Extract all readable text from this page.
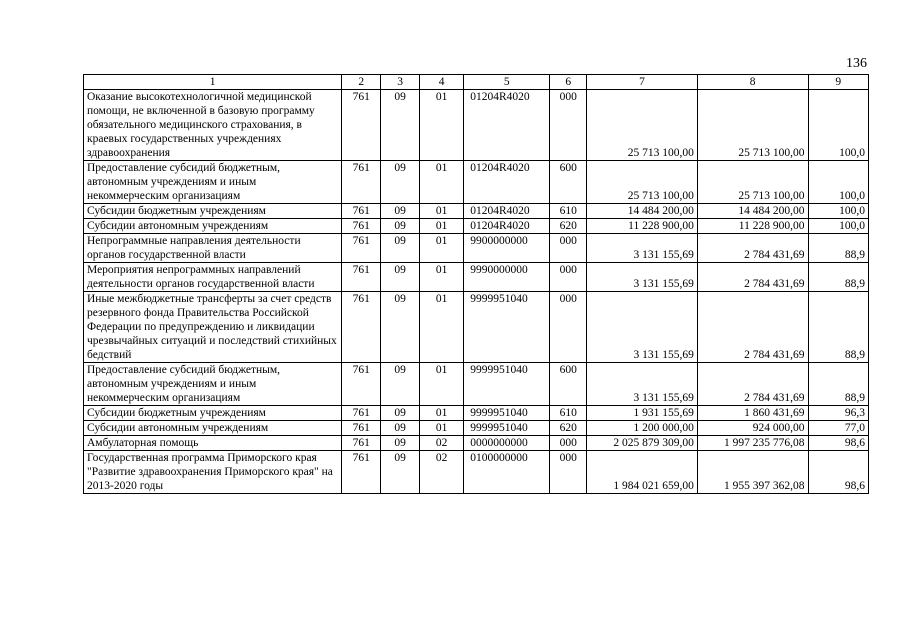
136
1	2	3	4	5	6	7	8	9
Оказание высокотехнологичной медицинской помощи, не включенной в базовую программу обязательного медицинского страхования, в краевых государственных учреждениях здравоохранения	761	09	01	01204R4020	000	25 713 100,00	25 713 100,00	100,0
Предоставление субсидий бюджетным, автономным учреждениям и иным некоммерческим организациям	761	09	01	01204R4020	600	25 713 100,00	25 713 100,00	100,0
Субсидии бюджетным учреждениям	761	09	01	01204R4020	610	14 484 200,00	14 484 200,00	100,0
Субсидии автономным учреждениям	761	09	01	01204R4020	620	11 228 900,00	11 228 900,00	100,0
Непрограммные направления деятельности органов государственной власти	761	09	01	9900000000	000	3 131 155,69	2 784 431,69	88,9
Мероприятия непрограммных направлений деятельности органов государственной власти	761	09	01	9990000000	000	3 131 155,69	2 784 431,69	88,9
Иные межбюджетные трансферты за счет средств резервного фонда Правительства Российской Федерации по предупреждению и ликвидации чрезвычайных ситуаций и последствий стихийных бедствий	761	09	01	9999951040	000	3 131 155,69	2 784 431,69	88,9
Предоставление субсидий бюджетным, автономным учреждениям и иным некоммерческим организациям	761	09	01	9999951040	600	3 131 155,69	2 784 431,69	88,9
Субсидии бюджетным учреждениям	761	09	01	9999951040	610	1 931 155,69	1 860 431,69	96,3
Субсидии автономным учреждениям	761	09	01	9999951040	620	1 200 000,00	924 000,00	77,0
Амбулаторная помощь	761	09	02	0000000000	000	2 025 879 309,00	1 997 235 776,08	98,6
Государственная программа Приморского края "Развитие здравоохранения Приморского края" на 2013-2020 годы	761	09	02	0100000000	000	1 984 021 659,00	1 955 397 362,08	98,6
